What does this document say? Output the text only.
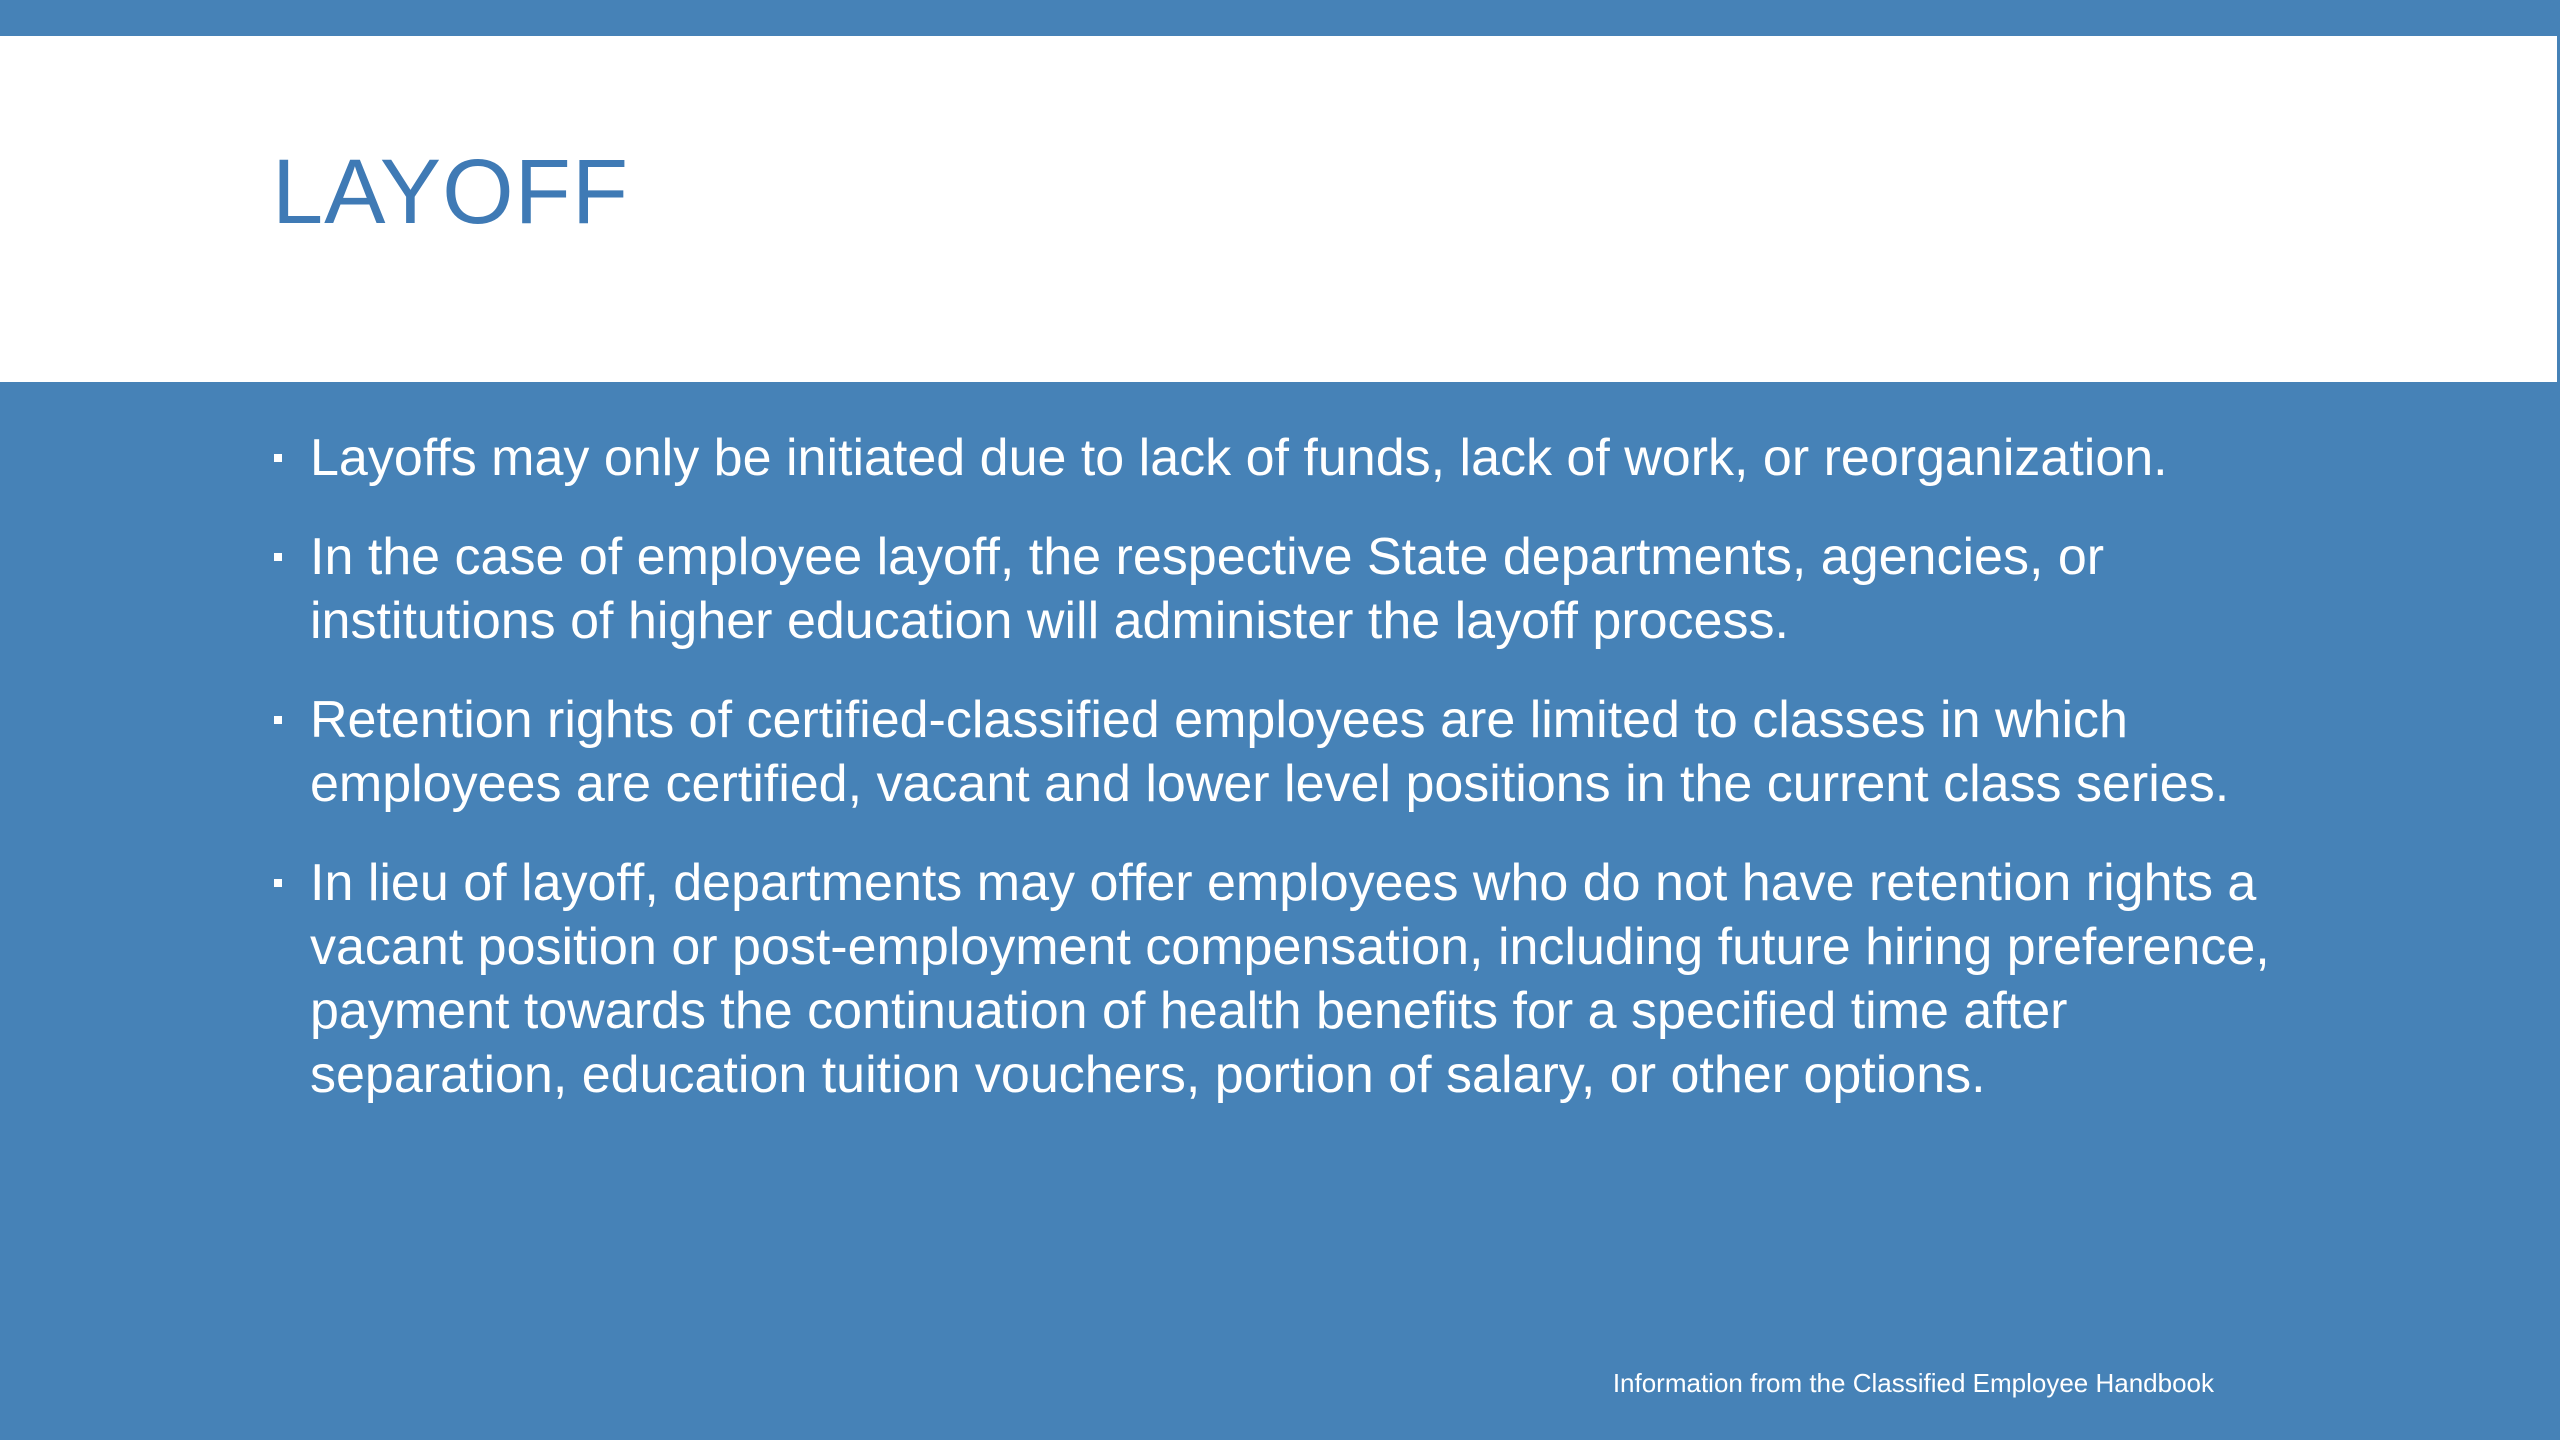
LAYOFF
Layoffs may only be initiated due to lack of funds, lack of work, or reorganization.
In the case of employee layoff, the respective State departments, agencies, or institutions of higher education will administer the layoff process.
Retention rights of certified-classified employees are limited to classes in which employees are certified, vacant and lower level positions in the current class series.
In lieu of layoff, departments may offer employees who do not have retention rights a vacant position or post-employment compensation, including future hiring preference, payment towards the continuation of health benefits for a specified time after separation, education tuition vouchers, portion of salary, or other options.

Information from the Classified Employee Handbook
